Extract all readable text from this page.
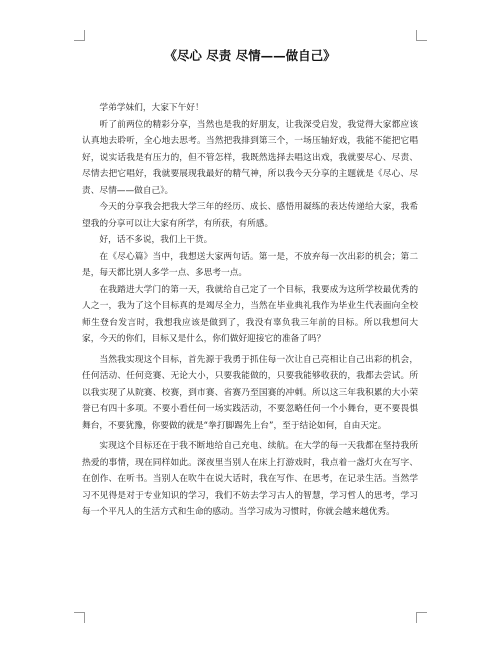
《尽心 尽责 尽情——做自己》

学弟学妹们，大家下午好！

听了前两位的精彩分享，当然也是我的好朋友，让我深受启发，我觉得大家都应该认真地去聆听，全心地去思考。当然把我排到第三个，一场压轴好戏，我能不能把它唱好，说实话我是有压力的，但不管怎样，我既然选择去唱这出戏，我就要尽心、尽责、尽情去把它唱好，我就要展现我最好的精气神，所以我今天分享的主题就是《尽心、尽责、尽情——做自己》。

今天的分享我会把我大学三年的经历、成长、感悟用凝练的表达传递给大家，我希望我的分享可以让大家有所学，有所获，有所感。

好，话不多说，我们上干货。

在《尽心篇》当中，我想送大家两句话。第一是，不放弃每一次出彩的机会；第二是，每天都比别人多学一点、多思考一点。

在我踏进大学门的第一天，我就给自己定了一个目标，我要成为这所学校最优秀的人之一，我为了这个目标真的是竭尽全力，当然在毕业典礼我作为毕业生代表面向全校师生登台发言时，我想我应该是做到了，我没有辜负我三年前的目标。所以我想问大家，今天的你们，目标又是什么，你们做好迎接它的准备了吗？

当然我实现这个目标，首先源于我勇于抓住每一次让自己亮相让自己出彩的机会，任何活动、任何竞赛、无论大小，只要我能做的，只要我能够收获的，我都去尝试。所以我实现了从院赛、校赛，到市赛、省赛乃至国赛的冲刺。所以这三年我积累的大小荣誉已有四十多项。不要小看任何一场实践活动，不要忽略任何一个小舞台，更不要畏惧舞台，不要犹豫，你要做的就是“拳打脚踢先上台”，至于结论如何，自由天定。

实现这个目标还在于我不断地给自己充电、续航。在大学的每一天我都在坚持我所热爱的事情，现在同样如此。深夜里当别人在床上打游戏时，我点着一盏灯火在写字、在创作、在听书。当别人在吹牛在说大话时，我在写作、在思考，在记录生活。当然学习不见得是对于专业知识的学习，我们不妨去学习古人的智慧，学习哲人的思考，学习每一个平凡人的生活方式和生命的感动。当学习成为习惯时，你就会越来越优秀。
